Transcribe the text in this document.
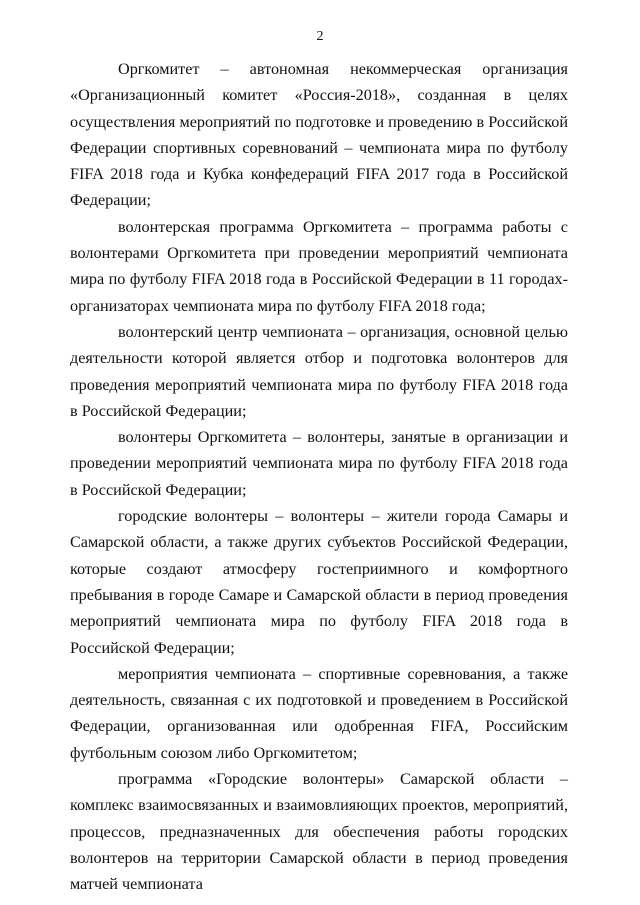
2

Оргкомитет – автономная некоммерческая организация «Организационный комитет «Россия-2018», созданная в целях осуществления мероприятий по подготовке и проведению в Российской Федерации спортивных соревнований – чемпионата мира по футболу FIFA 2018 года и Кубка конфедераций FIFA 2017 года в Российской Федерации;

волонтерская программа Оргкомитета – программа работы с волонтерами Оргкомитета при проведении мероприятий чемпионата мира по футболу FIFA 2018 года в Российской Федерации в 11 городах-организаторах чемпионата мира по футболу FIFA 2018 года;

волонтерский центр чемпионата – организация, основной целью деятельности которой является отбор и подготовка волонтеров для проведения мероприятий чемпионата мира по футболу FIFA 2018 года в Российской Федерации;

волонтеры Оргкомитета – волонтеры, занятые в организации и проведении мероприятий чемпионата мира по футболу FIFA 2018 года в Российской Федерации;

городские волонтеры – волонтеры – жители города Самары и Самарской области, а также других субъектов Российской Федерации, которые создают атмосферу гостеприимного и комфортного пребывания в городе Самаре и Самарской области в период проведения мероприятий чемпионата мира по футболу FIFA 2018 года в Российской Федерации;

мероприятия чемпионата – спортивные соревнования, а также деятельность, связанная с их подготовкой и проведением в Российской Федерации, организованная или одобренная FIFA, Российским футбольным союзом либо Оргкомитетом;

программа «Городские волонтеры» Самарской области – комплекс взаимосвязанных и взаимовлияющих проектов, мероприятий, процессов, предназначенных для обеспечения работы городских волонтеров на территории Самарской области в период проведения матчей чемпионата
